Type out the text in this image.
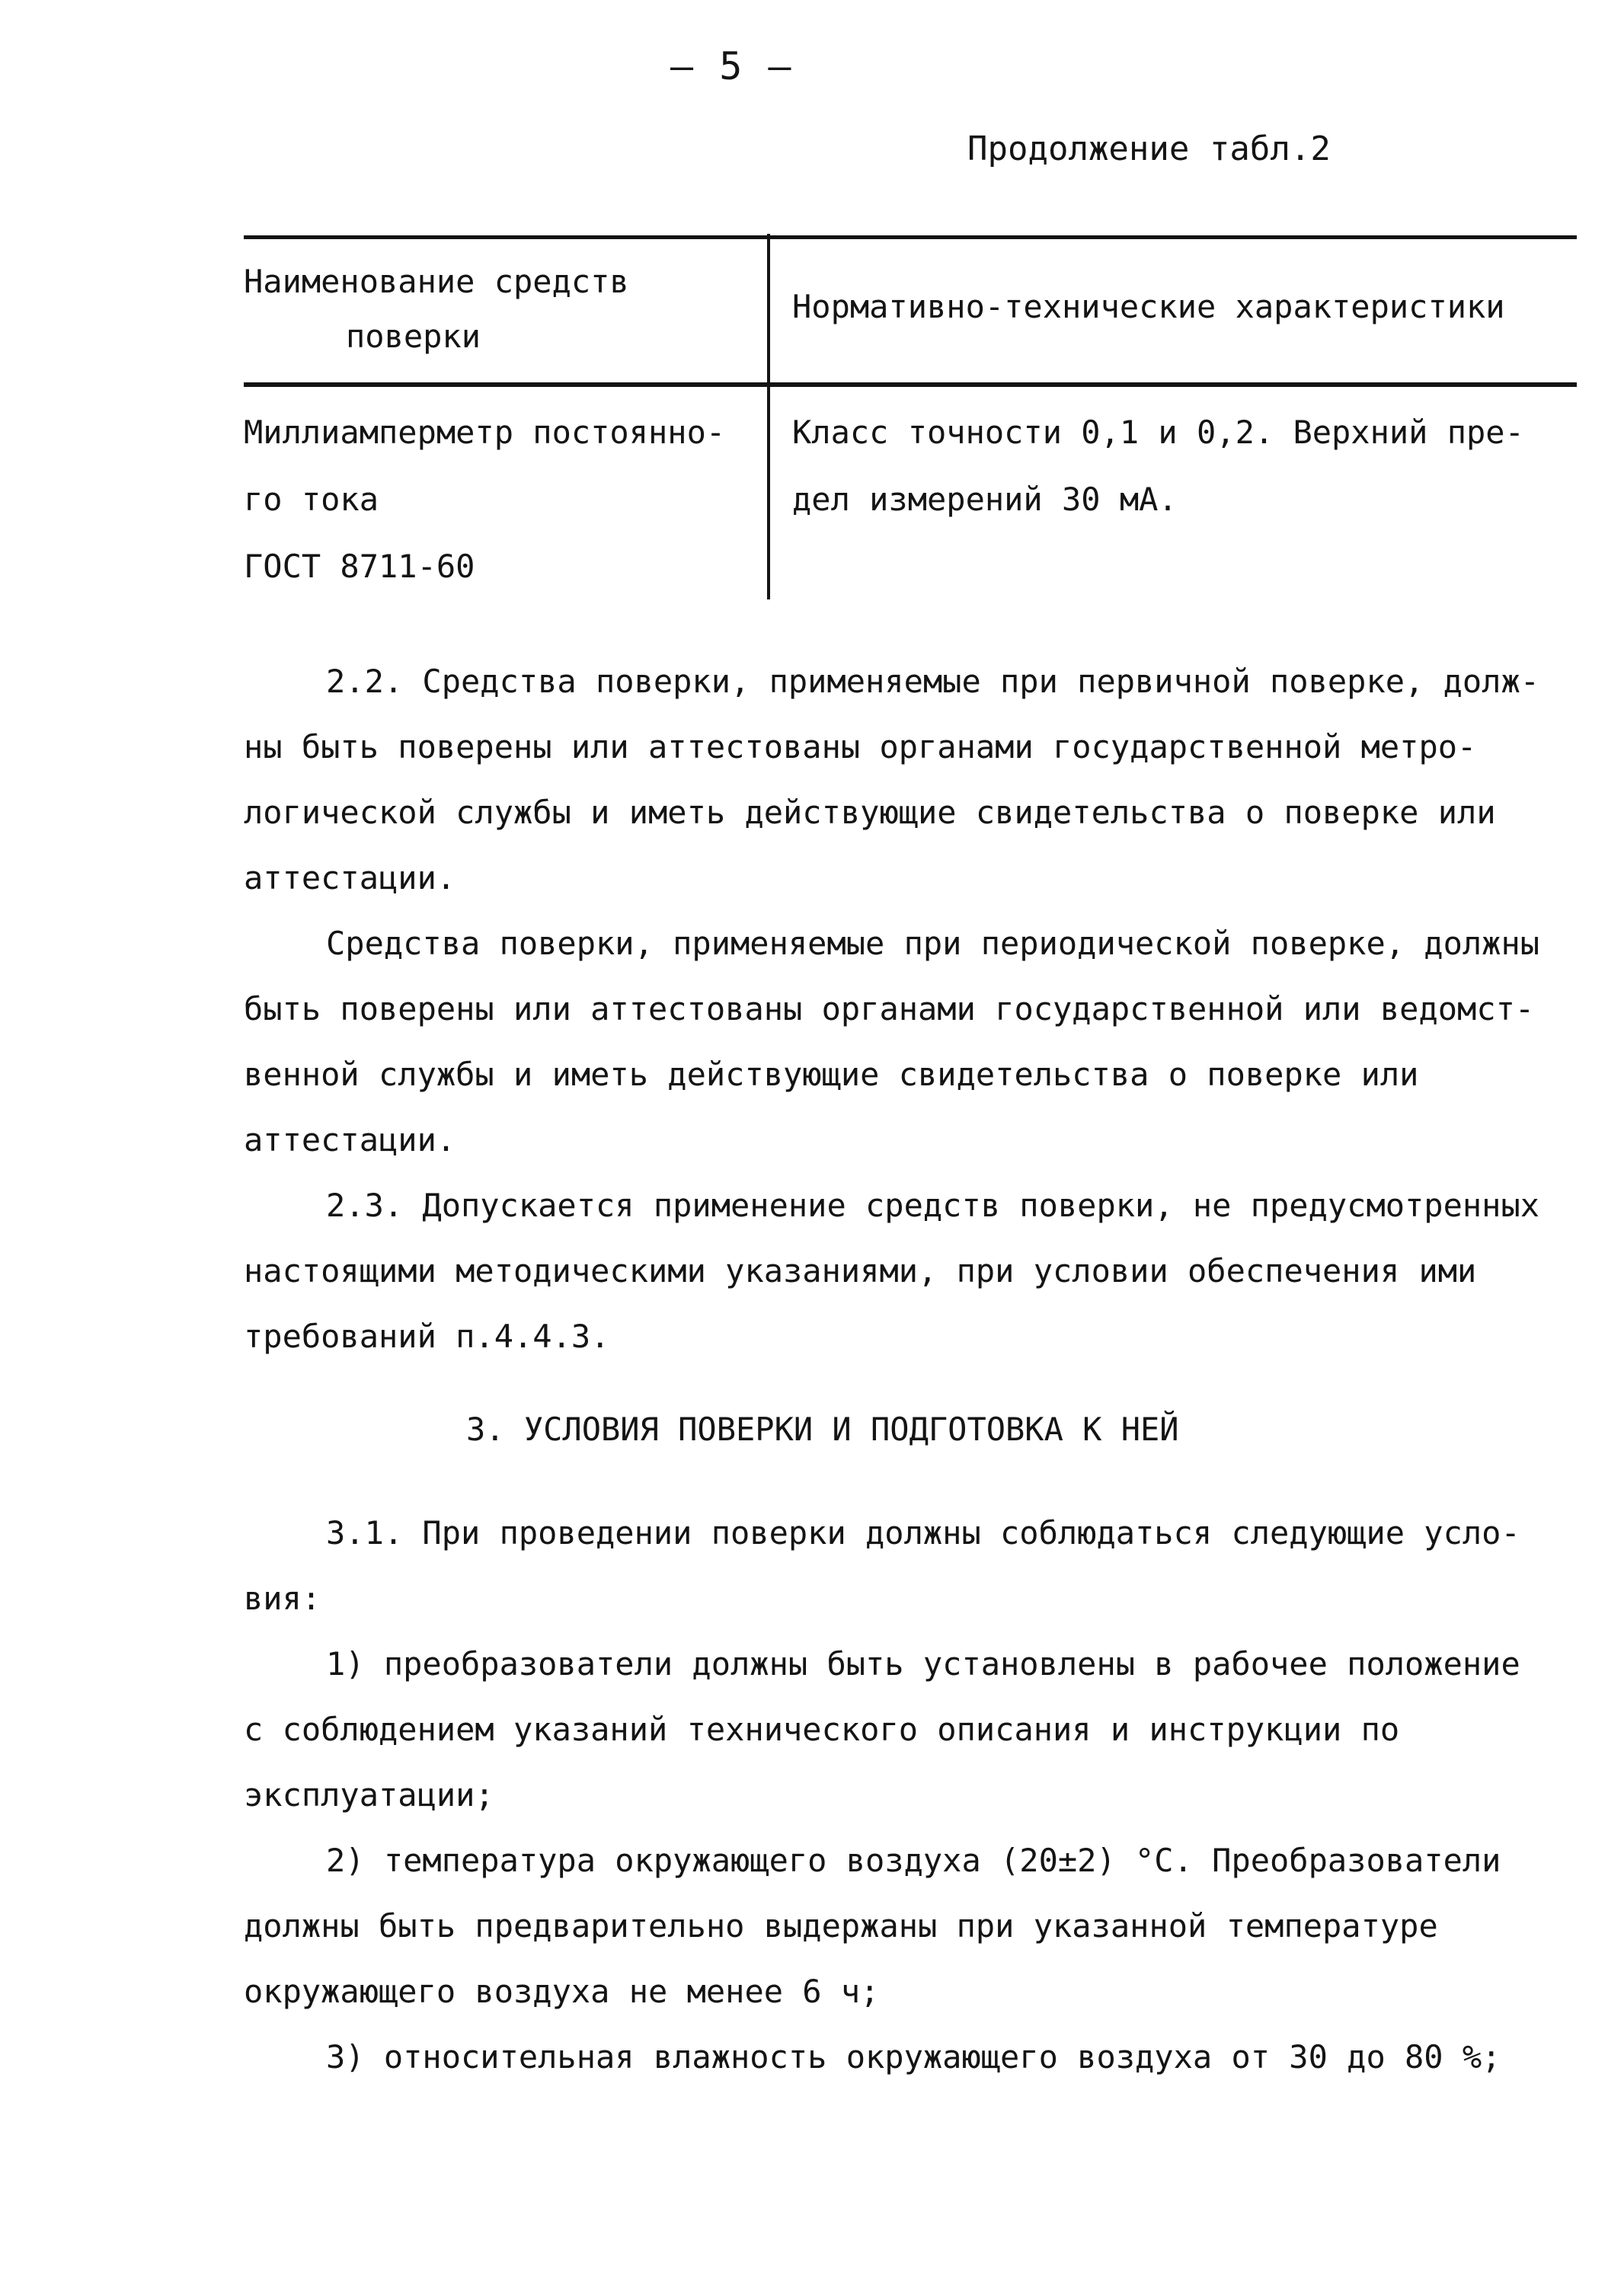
— 5 —
Продолжение табл.2
Наименование средств
поверки
Нормативно-технические характеристики
Миллиамперметр постоянно-
го тока
ГОСТ 8711-60
Класс точности 0,1 и 0,2. Верхний пре-
дел измерений 30 мА.
2.2. Средства поверки, применяемые при первичной поверке, долж-
ны быть поверены или аттестованы органами государственной метро-
логической службы и иметь действующие свидетельства о поверке или
аттестации.
Средства поверки, применяемые при периодической поверке, должны
быть поверены или аттестованы органами государственной или ведомст-
венной службы и иметь действующие свидетельства о поверке или
аттестации.
2.3. Допускается применение средств поверки, не предусмотренных
настоящими методическими указаниями, при условии обеспечения ими
требований п.4.4.3.
3. УСЛОВИЯ ПОВЕРКИ И ПОДГОТОВКА К НЕЙ
3.1. При проведении поверки должны соблюдаться следующие усло-
вия:
1) преобразователи должны быть установлены в рабочее положение
с соблюдением указаний технического описания и инструкции по
эксплуатации;
2) температура окружающего воздуха (20±2) °С. Преобразователи
должны быть предварительно выдержаны при указанной температуре
окружающего воздуха не менее 6 ч;
3) относительная влажность окружающего воздуха от 30 до 80 %;
